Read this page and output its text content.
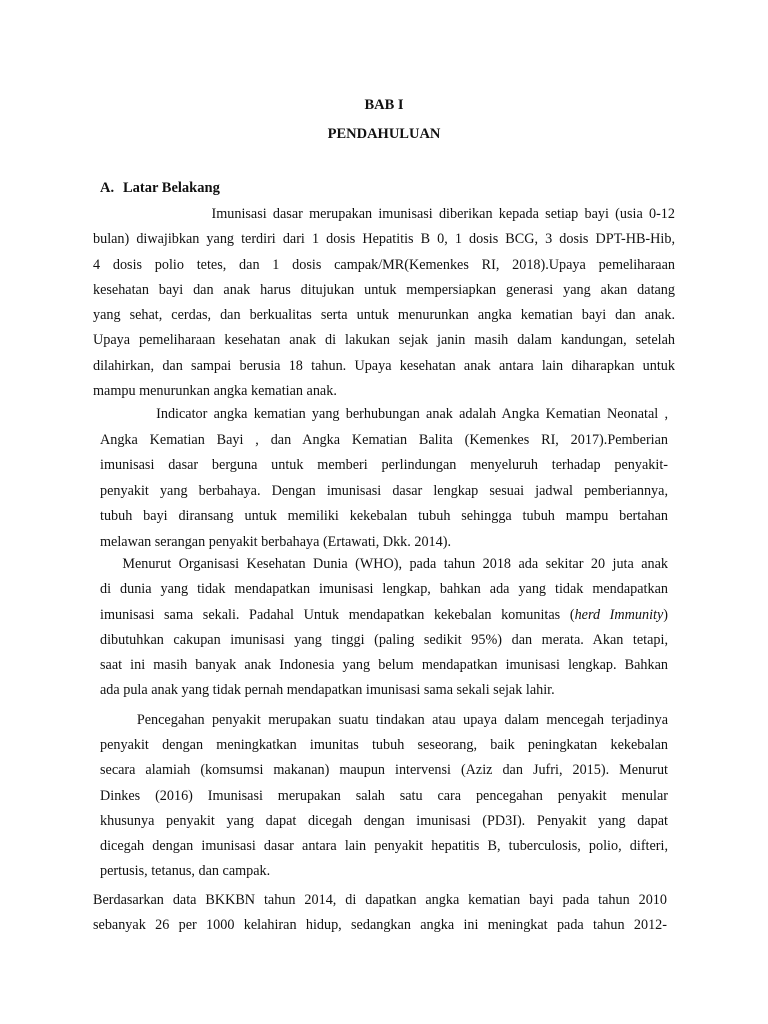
BAB I
PENDAHULUAN
A. Latar Belakang
Imunisasi dasar merupakan imunisasi diberikan kepada setiap bayi (usia 0-12
bulan) diwajibkan yang terdiri dari 1 dosis Hepatitis B 0, 1 dosis BCG, 3 dosis DPT-HB-Hib,
4 dosis polio tetes, dan 1 dosis campak/MR(Kemenkes RI, 2018).Upaya pemeliharaan
kesehatan bayi dan anak harus ditujukan untuk mempersiapkan generasi yang akan datang
yang sehat, cerdas, dan berkualitas serta untuk menurunkan angka kematian bayi dan anak.
Upaya pemeliharaan kesehatan anak di lakukan sejak janin masih dalam kandungan, setelah
dilahirkan, dan sampai berusia 18 tahun. Upaya kesehatan anak antara lain diharapkan untuk
mampu menurunkan angka kematian anak.
Indicator angka kematian yang berhubungan anak adalah Angka Kematian Neonatal ,
Angka Kematian Bayi , dan Angka Kematian Balita (Kemenkes RI, 2017).Pemberian
imunisasi dasar berguna untuk memberi perlindungan menyeluruh terhadap penyakit-
penyakit yang berbahaya. Dengan imunisasi dasar lengkap sesuai jadwal pemberiannya,
tubuh bayi diransang untuk memiliki kekebalan tubuh sehingga tubuh mampu bertahan
melawan serangan penyakit berbahaya (Ertawati, Dkk. 2014).
Menurut Organisasi Kesehatan Dunia (WHO), pada tahun 2018 ada sekitar 20 juta anak
di dunia yang tidak mendapatkan imunisasi lengkap, bahkan ada yang tidak mendapatkan
imunisasi sama sekali. Padahal Untuk mendapatkan kekebalan komunitas (herd Immunity)
dibutuhkan cakupan imunisasi yang tinggi (paling sedikit 95%) dan merata. Akan tetapi,
saat ini masih banyak anak Indonesia yang belum mendapatkan imunisasi lengkap. Bahkan
ada pula anak yang tidak pernah mendapatkan imunisasi sama sekali sejak lahir.
Pencegahan penyakit merupakan suatu tindakan atau upaya dalam mencegah terjadinya
penyakit dengan meningkatkan imunitas tubuh seseorang, baik peningkatan kekebalan
secara alamiah (komsumsi makanan) maupun intervensi (Aziz dan Jufri, 2015). Menurut
Dinkes (2016) Imunisasi merupakan salah satu cara pencegahan penyakit menular
khusunya penyakit yang dapat dicegah dengan imunisasi (PD3I). Penyakit yang dapat
dicegah dengan imunisasi dasar antara lain penyakit hepatitis B, tuberculosis, polio, difteri,
pertusis, tetanus, dan campak.
Berdasarkan data BKKBN tahun 2014, di dapatkan angka kematian bayi pada tahun 2010
sebanyak 26 per 1000 kelahiran hidup, sedangkan angka ini meningkat pada tahun 2012-
